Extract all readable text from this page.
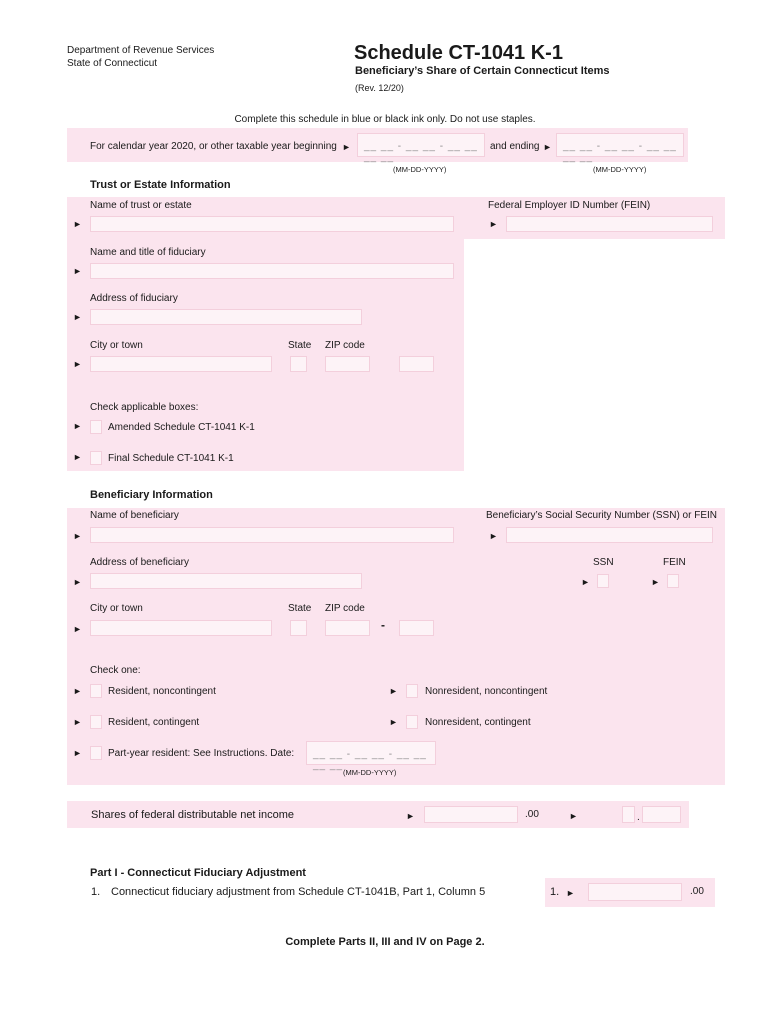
Department of Revenue Services
State of Connecticut	Schedule CT-1041 K-1
Beneficiary’s Share of Certain Connecticut Items
(Rev. 12/20)
Complete this schedule in blue or black ink only. Do not use staples.
For calendar year 2020, or other taxable year beginning ► __ __ - __ __ - __ __ __ __
and ending ► __ __ - __ __ - __ __ __ __
(MM-DD-YYYY)	(MM-DD-YYYY)
Trust or Estate Information
Name of trust or estate
►
Federal Employer ID Number (FEIN)
►
Name and title of fiduciary
►
Address of fiduciary
►
City or town	State ZIP code
►
Check applicable boxes:
►	Amended Schedule CT-1041 K-1
►	Final Schedule CT-1041 K-1
Beneficiary Information
Name of beneficiary
►
Beneficiary’s Social Security Number (SSN) or FEIN
►
Address of beneficiary
►
SSN	FEIN
►	►
City or town	State ZIP code
►	-
Check one:
►	Resident, noncontingent	►	Nonresident, noncontingent
►	Resident, contingent	►	Nonresident, contingent
►	Part-year resident: See Instructions. Date: __ __ - __ __ - __ __ __ __
(MM-DD-YYYY)
Shares of federal distributable net income	►	.00	►	.
Part I - Connecticut Fiduciary Adjustment
1. Connecticut fiduciary adjustment from Schedule CT-1041B, Part 1, Column 5	1. ►	.00
Complete Parts II, III and IV on Page 2.
